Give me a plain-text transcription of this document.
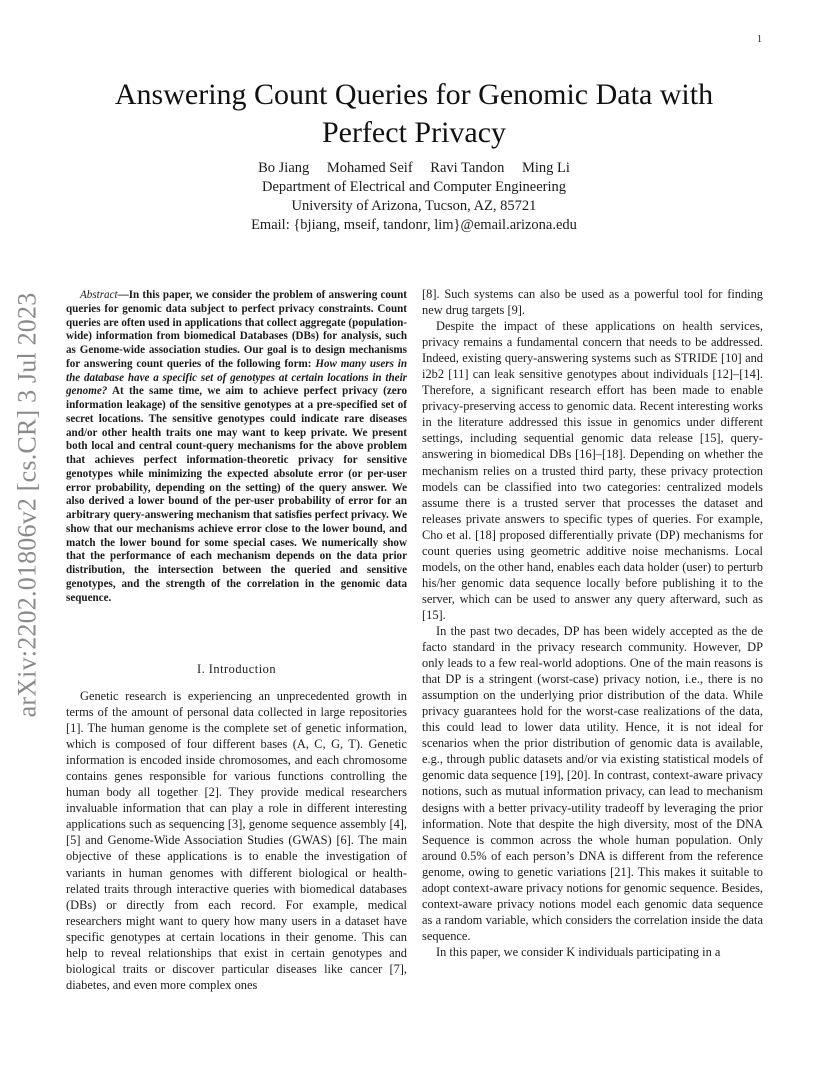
1
arXiv:2202.01806v2 [cs.CR] 3 Jul 2023
Answering Count Queries for Genomic Data with
Perfect Privacy
Bo Jiang Mohamed Seif Ravi Tandon Ming Li
Department of Electrical and Computer Engineering
University of Arizona, Tucson, AZ, 85721
Email: {bjiang, mseif, tandonr, lim}@email.arizona.edu

Abstract—In this paper, we consider the problem of answering count queries for genomic data subject to perfect privacy constraints. Count queries are often used in applications that collect aggregate (population-wide) information from biomedical Databases (DBs) for analysis, such as Genome-wide association studies. Our goal is to design mechanisms for answering count queries of the following form: How many users in the database have a specific set of genotypes at certain locations in their genome? At the same time, we aim to achieve perfect privacy (zero information leakage) of the sensitive genotypes at a pre-specified set of secret locations. The sensitive genotypes could indicate rare diseases and/or other health traits one may want to keep private. We present both local and central count-query mechanisms for the above problem that achieves perfect information-theoretic privacy for sensitive genotypes while minimizing the expected absolute error (or per-user error probability, depending on the setting) of the query answer. We also derived a lower bound of the per-user probability of error for an arbitrary query-answering mechanism that satisfies perfect privacy. We show that our mechanisms achieve error close to the lower bound, and match the lower bound for some special cases. We numerically show that the performance of each mechanism depends on the data prior distribution, the intersection between the queried and sensitive genotypes, and the strength of the correlation in the genomic data sequence.

I. Introduction

Genetic research is experiencing an unprecedented growth in terms of the amount of personal data collected in large repositories [1]. The human genome is the complete set of genetic information, which is composed of four different bases (A, C, G, T). Genetic information is encoded inside chromosomes, and each chromosome contains genes responsible for various functions controlling the human body all together [2]. They provide medical researchers invaluable information that can play a role in different interesting applications such as sequencing [3], genome sequence assembly [4], [5] and Genome-Wide Association Studies (GWAS) [6]. The main objective of these applications is to enable the investigation of variants in human genomes with different biological or health-related traits through interactive queries with biomedical databases (DBs) or directly from each record. For example, medical researchers might want to query how many users in a dataset have specific genotypes at certain locations in their genome. This can help to reveal relationships that exist in certain genotypes and biological traits or discover particular diseases like cancer [7], diabetes, and even more complex ones

[8]. Such systems can also be used as a powerful tool for finding new drug targets [9].

Despite the impact of these applications on health services, privacy remains a fundamental concern that needs to be addressed. Indeed, existing query-answering systems such as STRIDE [10] and i2b2 [11] can leak sensitive genotypes about individuals [12]–[14]. Therefore, a significant research effort has been made to enable privacy-preserving access to genomic data. Recent interesting works in the literature addressed this issue in genomics under different settings, including sequential genomic data release [15], query-answering in biomedical DBs [16]–[18]. Depending on whether the mechanism relies on a trusted third party, these privacy protection models can be classified into two categories: centralized models assume there is a trusted server that processes the dataset and releases private answers to specific types of queries. For example, Cho et al. [18] proposed differentially private (DP) mechanisms for count queries using geometric additive noise mechanisms. Local models, on the other hand, enables each data holder (user) to perturb his/her genomic data sequence locally before publishing it to the server, which can be used to answer any query afterward, such as [15].

In the past two decades, DP has been widely accepted as the de facto standard in the privacy research community. However, DP only leads to a few real-world adoptions. One of the main reasons is that DP is a stringent (worst-case) privacy notion, i.e., there is no assumption on the underlying prior distribution of the data. While privacy guarantees hold for the worst-case realizations of the data, this could lead to lower data utility. Hence, it is not ideal for scenarios when the prior distribution of genomic data is available, e.g., through public datasets and/or via existing statistical models of genomic data sequence [19], [20]. In contrast, context-aware privacy notions, such as mutual information privacy, can lead to mechanism designs with a better privacy-utility tradeoff by leveraging the prior information. Note that despite the high diversity, most of the DNA Sequence is common across the whole human population. Only around 0.5% of each person’s DNA is different from the reference genome, owing to genetic variations [21]. This makes it suitable to adopt context-aware privacy notions for genomic sequence. Besides, context-aware privacy notions model each genomic data sequence as a random variable, which considers the correlation inside the data sequence.

In this paper, we consider K individuals participating in a
